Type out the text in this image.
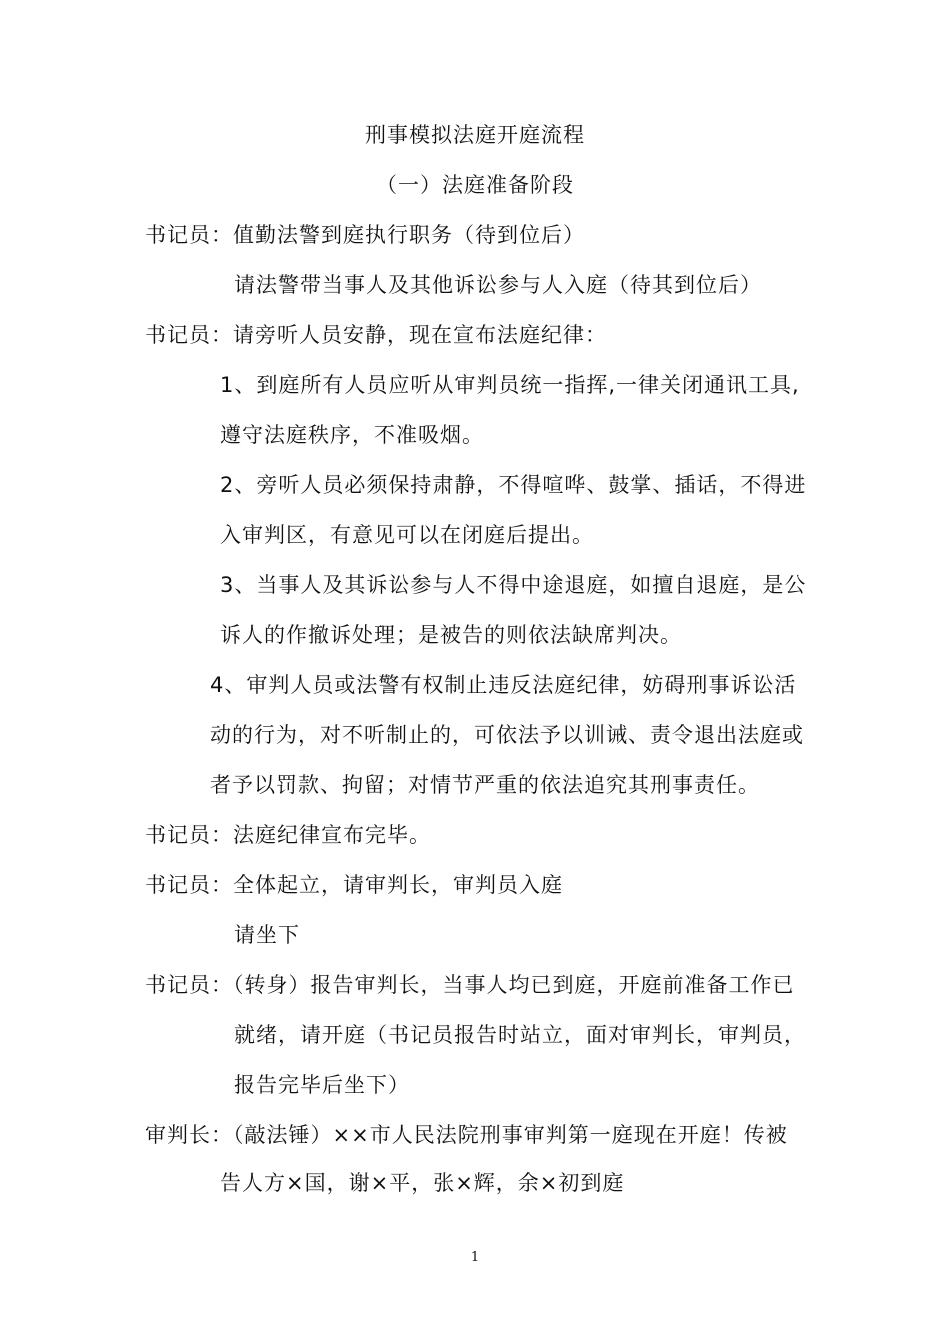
刑事模拟法庭开庭流程
（一）法庭准备阶段
书记员：值勤法警到庭执行职务（待到位后）
请法警带当事人及其他诉讼参与人入庭（待其到位后）
书记员：请旁听人员安静，现在宣布法庭纪律：
1、到庭所有人员应听从审判员统一指挥,一律关闭通讯工具,
遵守法庭秩序，不准吸烟。
2、旁听人员必须保持肃静，不得喧哗、鼓掌、插话，不得进
入审判区，有意见可以在闭庭后提出。
3、当事人及其诉讼参与人不得中途退庭，如擅自退庭，是公
诉人的作撤诉处理；是被告的则依法缺席判决。
4、审判人员或法警有权制止违反法庭纪律，妨碍刑事诉讼活
动的行为，对不听制止的，可依法予以训诫、责令退出法庭或
者予以罚款、拘留；对情节严重的依法追究其刑事责任。
书记员：法庭纪律宣布完毕。
书记员：全体起立，请审判长，审判员入庭
请坐下
书记员：（转身）报告审判长，当事人均已到庭，开庭前准备工作已
就绪，请开庭（书记员报告时站立，面对审判长，审判员，
报告完毕后坐下）
审判长：（敲法锤）××市人民法院刑事审判第一庭现在开庭！传被
告人方×国，谢×平，张×辉，余×初到庭
1
